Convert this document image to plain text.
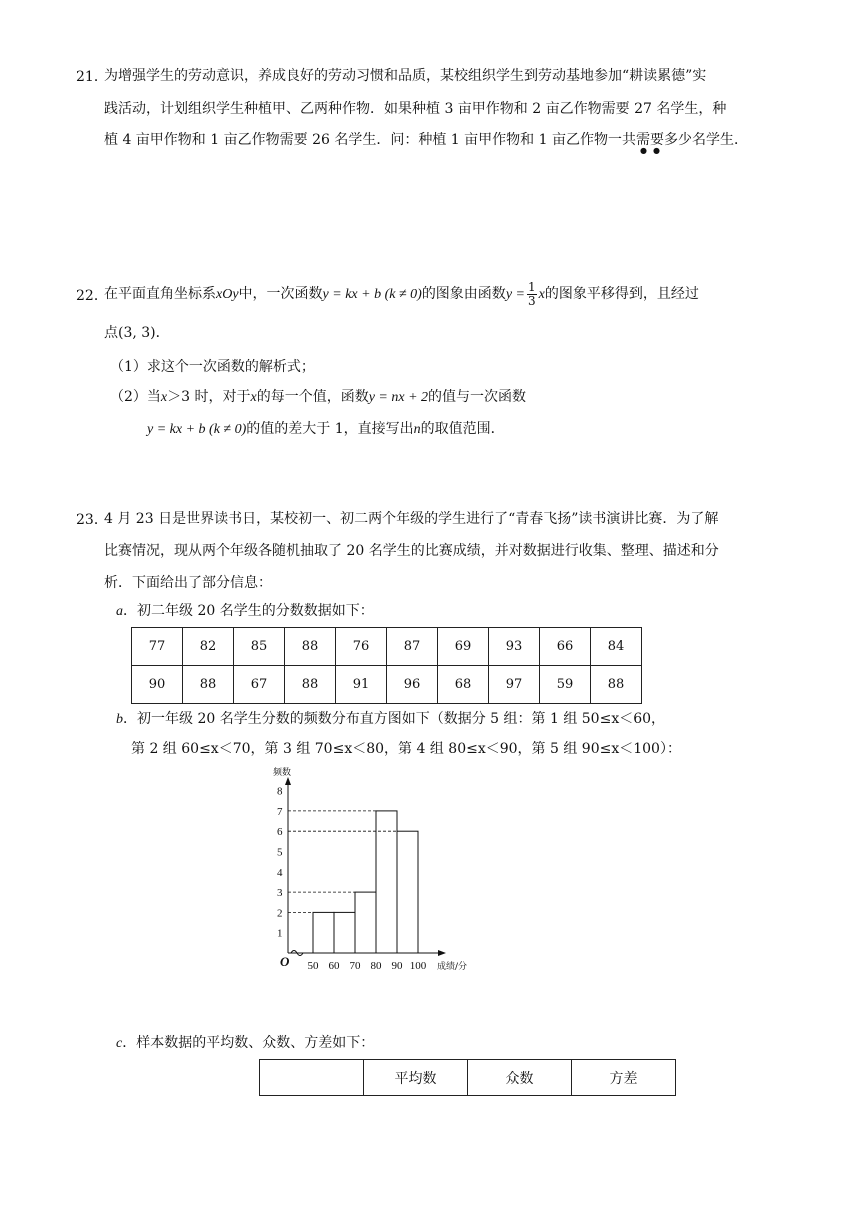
21．
为增强学生的劳动意识，养成良好的劳动习惯和品质，某校组织学生到劳动基地参加“耕读累德”实
践活动，计划组织学生种植甲、乙两种作物．如果种植 3 亩甲作物和 2 亩乙作物需要 27 名学生，种
植 4 亩甲作物和 1 亩乙作物需要 26 名学生．问：种植 1 亩甲作物和 1 亩乙作物一共需要多少名学生．
● ●
22．
在平面直角坐标系xOy中，一次函数y = kx + b (k ≠ 0)的图象由函数$y = \frac{1}{3}$ x的图象平移得到，且经过
点(3, 3)．
（1）求这个一次函数的解析式；
（2）当x＞3 时，对于x的每一个值，函数y = nx + 2的值与一次函数
y = kx + b (k ≠ 0)的值的差大于 1，直接写出n的取值范围．
23．
4 月 23 日是世界读书日，某校初一、初二两个年级的学生进行了“青春飞扬”读书演讲比赛．为了解
比赛情况，现从两个年级各随机抽取了 20 名学生的比赛成绩，并对数据进行收集、整理、描述和分
析．下面给出了部分信息：
a．初二年级 20 名学生的分数数据如下：
77	82	85	88	76	87	69	93	66	84
90	88	67	88	91	96	68	97	59	88
b．初一年级 20 名学生分数的频数分布直方图如下（数据分 5 组：第 1 组 50≤x＜60，
第 2 组 60≤x＜70，第 3 组 70≤x＜80，第 4 组 80≤x＜90，第 5 组 90≤x＜100）：
1
2
3
4
5
6
7
8
50 60 70 80 90 100
频数
成绩/分
O
c．样本数据的平均数、众数、方差如下：
	平均数	众数	方差
